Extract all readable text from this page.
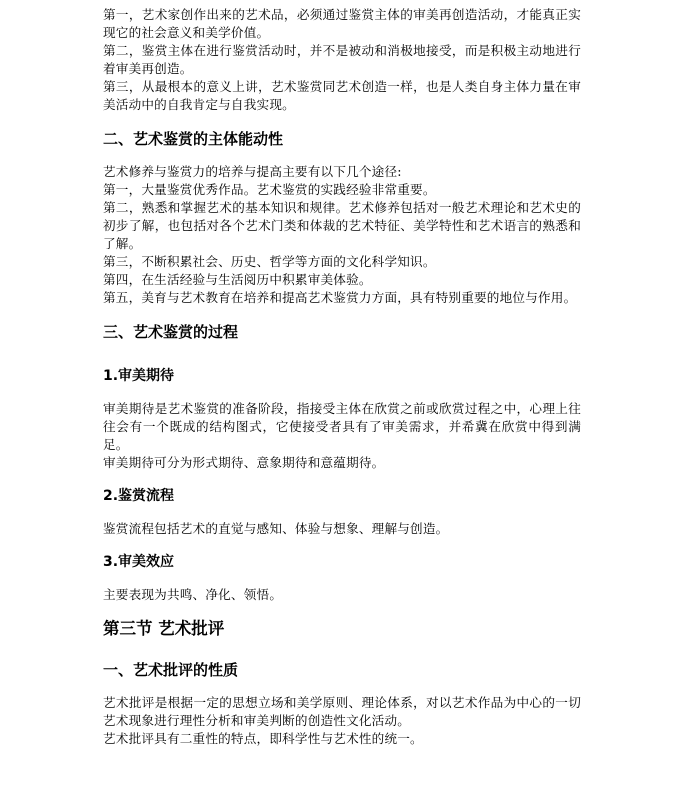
第一，艺术家创作出来的艺术品，必须通过鉴赏主体的审美再创造活动，才能真正实现它的社会意义和美学价值。

第二，鉴赏主体在进行鉴赏活动时，并不是被动和消极地接受，而是积极主动地进行着审美再创造。

第三，从最根本的意义上讲，艺术鉴赏同艺术创造一样，也是人类自身主体力量在审美活动中的自我肯定与自我实现。

二、艺术鉴赏的主体能动性

艺术修养与鉴赏力的培养与提高主要有以下几个途径:

第一，大量鉴赏优秀作品。艺术鉴赏的实践经验非常重要。

第二，熟悉和掌握艺术的基本知识和规律。艺术修养包括对一般艺术理论和艺术史的初步了解，也包括对各个艺术门类和体裁的艺术特征、美学特性和艺术语言的熟悉和了解。

第三，不断积累社会、历史、哲学等方面的文化科学知识。

第四，在生活经验与生活阅历中积累审美体验。

第五，美育与艺术教育在培养和提高艺术鉴赏力方面，具有特别重要的地位与作用。

三、艺术鉴赏的过程
1.审美期待

审美期待是艺术鉴赏的准备阶段，指接受主体在欣赏之前或欣赏过程之中，心理上往往会有一个既成的结构图式，它使接受者具有了审美需求，并希冀在欣赏中得到满足。

审美期待可分为形式期待、意象期待和意蕴期待。

2.鉴赏流程

鉴赏流程包括艺术的直觉与感知、体验与想象、理解与创造。

3.审美效应

主要表现为共鸣、净化、领悟。

第三节 艺术批评
一、艺术批评的性质

艺术批评是根据一定的思想立场和美学原则、理论体系，对以艺术作品为中心的一切艺术现象进行理性分析和审美判断的创造性文化活动。

艺术批评具有二重性的特点，即科学性与艺术性的统一。
